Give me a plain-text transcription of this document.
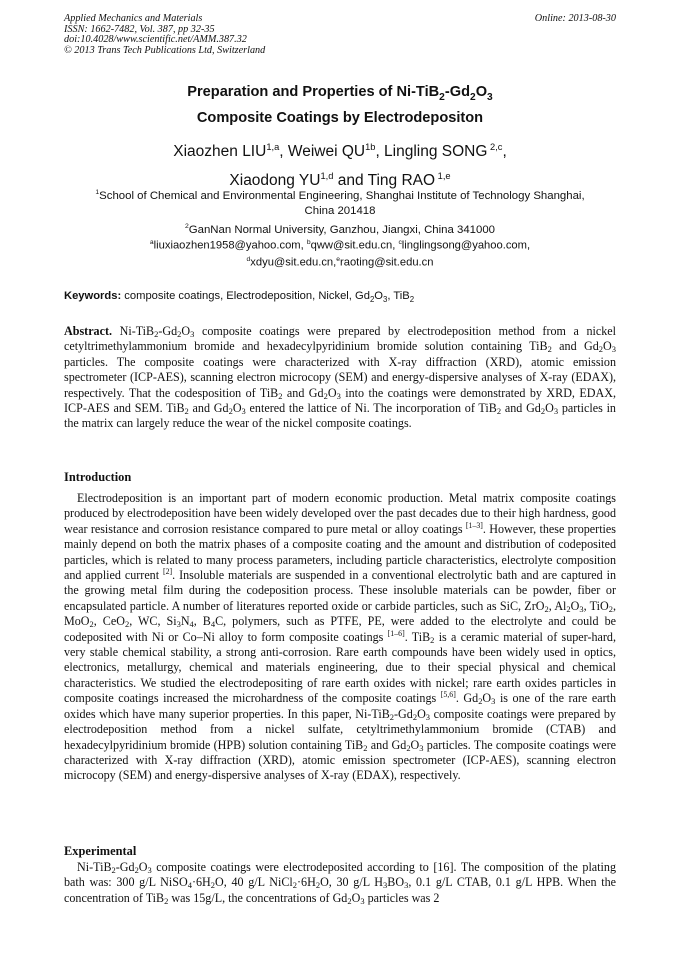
Applied Mechanics and Materials
ISSN: 1662-7482, Vol. 387, pp 32-35
doi:10.4028/www.scientific.net/AMM.387.32
© 2013 Trans Tech Publications Ltd, Switzerland
Online: 2013-08-30
Preparation and Properties of $Ni-TiB_2-Gd_2O_3$
Composite Coatings by Electrodepositon
Xiaozhen LIU$^{1,a}$, Weiwei $QU^{1b}$, Lingling SONG $^{2,c}$,
Xiaodong YU$^{1,d}$ and Ting RAO $^{1,e}$
$^1$School of Chemical and Environmental Engineering, Shanghai Institute of Technology Shanghai,
China 201418
$^2$GanNan Normal University, Ganzhou, Jiangxi, China 341000
$^a$liuxiaozhen1958@yahoo.com, $^b$qww@sit.edu.cn, $^c$linglingsong@yahoo.com,
$^d$xdyu@sit.edu.cn,$^e$raoting@sit.edu.cn
Keywords: composite coatings, Electrodeposition, Nickel, $Gd_2O_3$, TiB$_2$

Abstract. $Ni-TiB_2-Gd_2O_3$ composite coatings were prepared by electrodeposition method from a nickel cetyltrimethylammonium bromide and hexadecylpyridinium bromide solution containing TiB$_2$ and $Gd_2O_3$ particles. The composite coatings were characterized with X-ray diffraction (XRD), atomic emission spectrometer (ICP-AES), scanning electron microcopy (SEM) and energy-dispersive analyses of X-ray (EDAX), respectively. That the codesposition of TiB$_2$ and $Gd_2O_3$ into the coatings were demonstrated by XRD, EDAX, ICP-AES and SEM. TiB$_2$ and $Gd_2O_3$ entered the lattice of Ni. The incorporation of TiB$_2$ and $Gd_2O_3$ particles in the matrix can largely reduce the wear of the nickel composite coatings.

Introduction

Electrodeposition is an important part of modern economic production. Metal matrix composite coatings produced by electrodeposition have been widely developed over the past decades due to their high hardness, good wear resistance and corrosion resistance compared to pure metal or alloy coatings [1–3]. However, these properties mainly depend on both the matrix phases of a composite coating and the amount and distribution of codeposited particles, which is related to many process parameters, including particle characteristics, electrolyte composition and applied current [2]. Insoluble materials are suspended in a conventional electrolytic bath and are captured in the growing metal film during the codeposition process. These insoluble materials can be powder, fiber or encapsulated particle. A number of literatures reported oxide or carbide particles, such as SiC, ZrO$_2$, $Al_2O_3$, TiO$_2$, MoO$_2$, CeO$_2$, WC, $Si_3N_4$, $B_4C$, polymers, such as PTFE, PE, were added to the electrolyte and could be codeposited with Ni or Co–Ni alloy to form composite coatings [1–6]. TiB$_2$ is a ceramic material of super-hard, very stable chemical stability, a strong anti-corrosion. Rare earth compounds have been widely used in optics, electronics, metallurgy, chemical and materials engineering, due to their special physical and chemical characteristics. We studied the electrodepositing of rare earth oxides with nickel; rare earth oxides particles in composite coatings increased the microhardness of the composite coatings [5,6]. $Gd_2O_3$ is one of the rare earth oxides which have many superior properties. In this paper, $Ni-TiB_2-Gd_2O_3$ composite coatings were prepared by electrodeposition method from a nickel sulfate, cetyltrimethylammonium bromide (CTAB) and hexadecylpyridinium bromide (HPB) solution containing TiB$_2$ and $Gd_2O_3$ particles. The composite coatings were characterized with X-ray diffraction (XRD), atomic emission spectrometer (ICP-AES), scanning electron microcopy (SEM) and energy-dispersive analyses of X-ray (EDAX), respectively.

Experimental

$Ni-TiB_2-Gd_2O_3$ composite coatings were electrodeposited according to [16]. The composition of the plating bath was: 300 g/L $NiSO_4\cdot 6H_2O$, 40 g/L $NiCl_2\cdot 6H_2O$, 30 g/L $H_3BO_3$, 0.1 g/L CTAB, 0.1 g/L HPB. When the concentration of TiB$_2$ was 15g/L, the concentrations of $Gd_2O_3$ particles was 2
